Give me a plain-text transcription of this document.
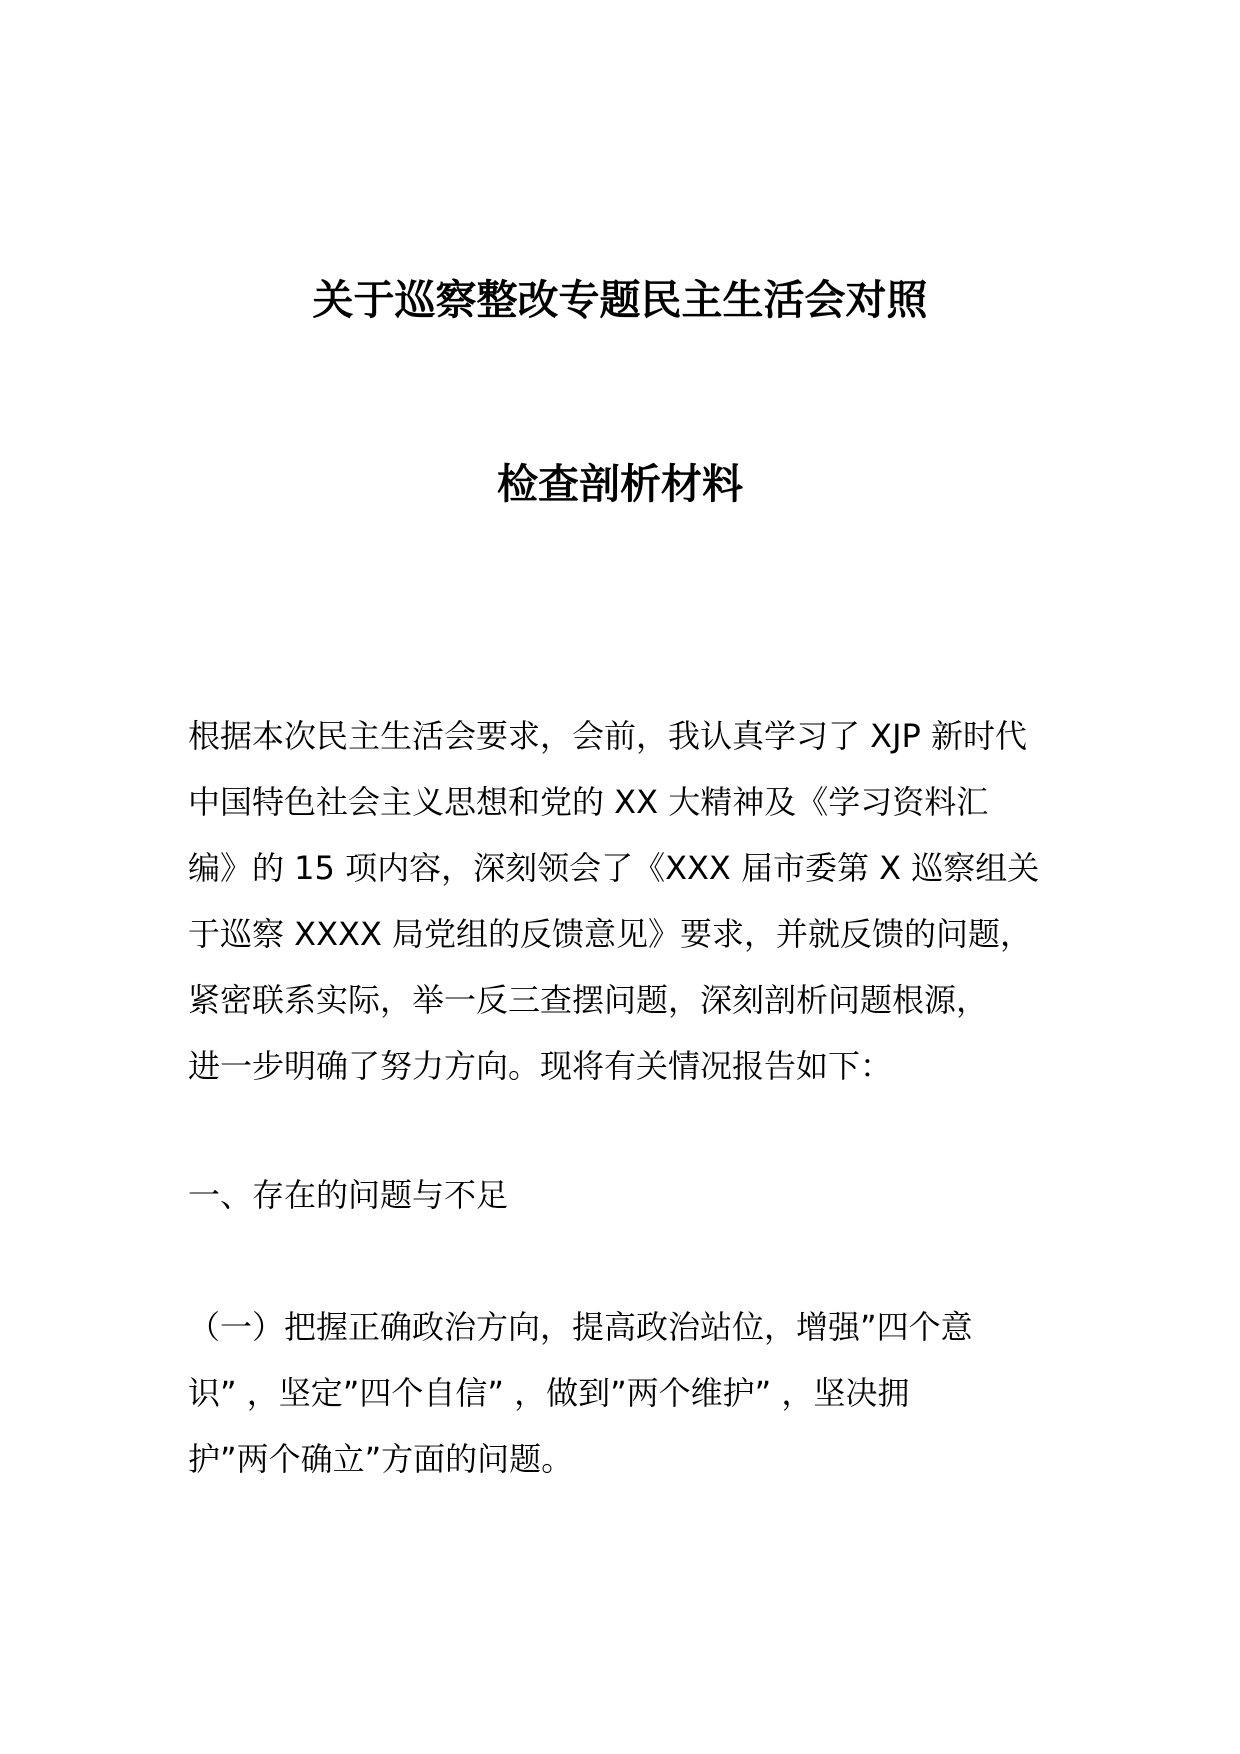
关于巡察整改专题民主生活会对照
检查剖析材料
根据本次民主生活会要求，会前，我认真学习了 XJP 新时代
中国特色社会主义思想和党的 XX 大精神及《学习资料汇
编》的 15 项内容，深刻领会了《XXX 届市委第 X 巡察组关
于巡察 XXXX 局党组的反馈意见》要求，并就反馈的问题，
紧密联系实际，举一反三查摆问题，深刻剖析问题根源，
进一步明确了努力方向。现将有关情况报告如下：
一、存在的问题与不足
（一）把握正确政治方向，提高政治站位，增强”四个意
识” ，坚定”四个自信” ，做到”两个维护” ，坚决拥
护”两个确立”方面的问题。
